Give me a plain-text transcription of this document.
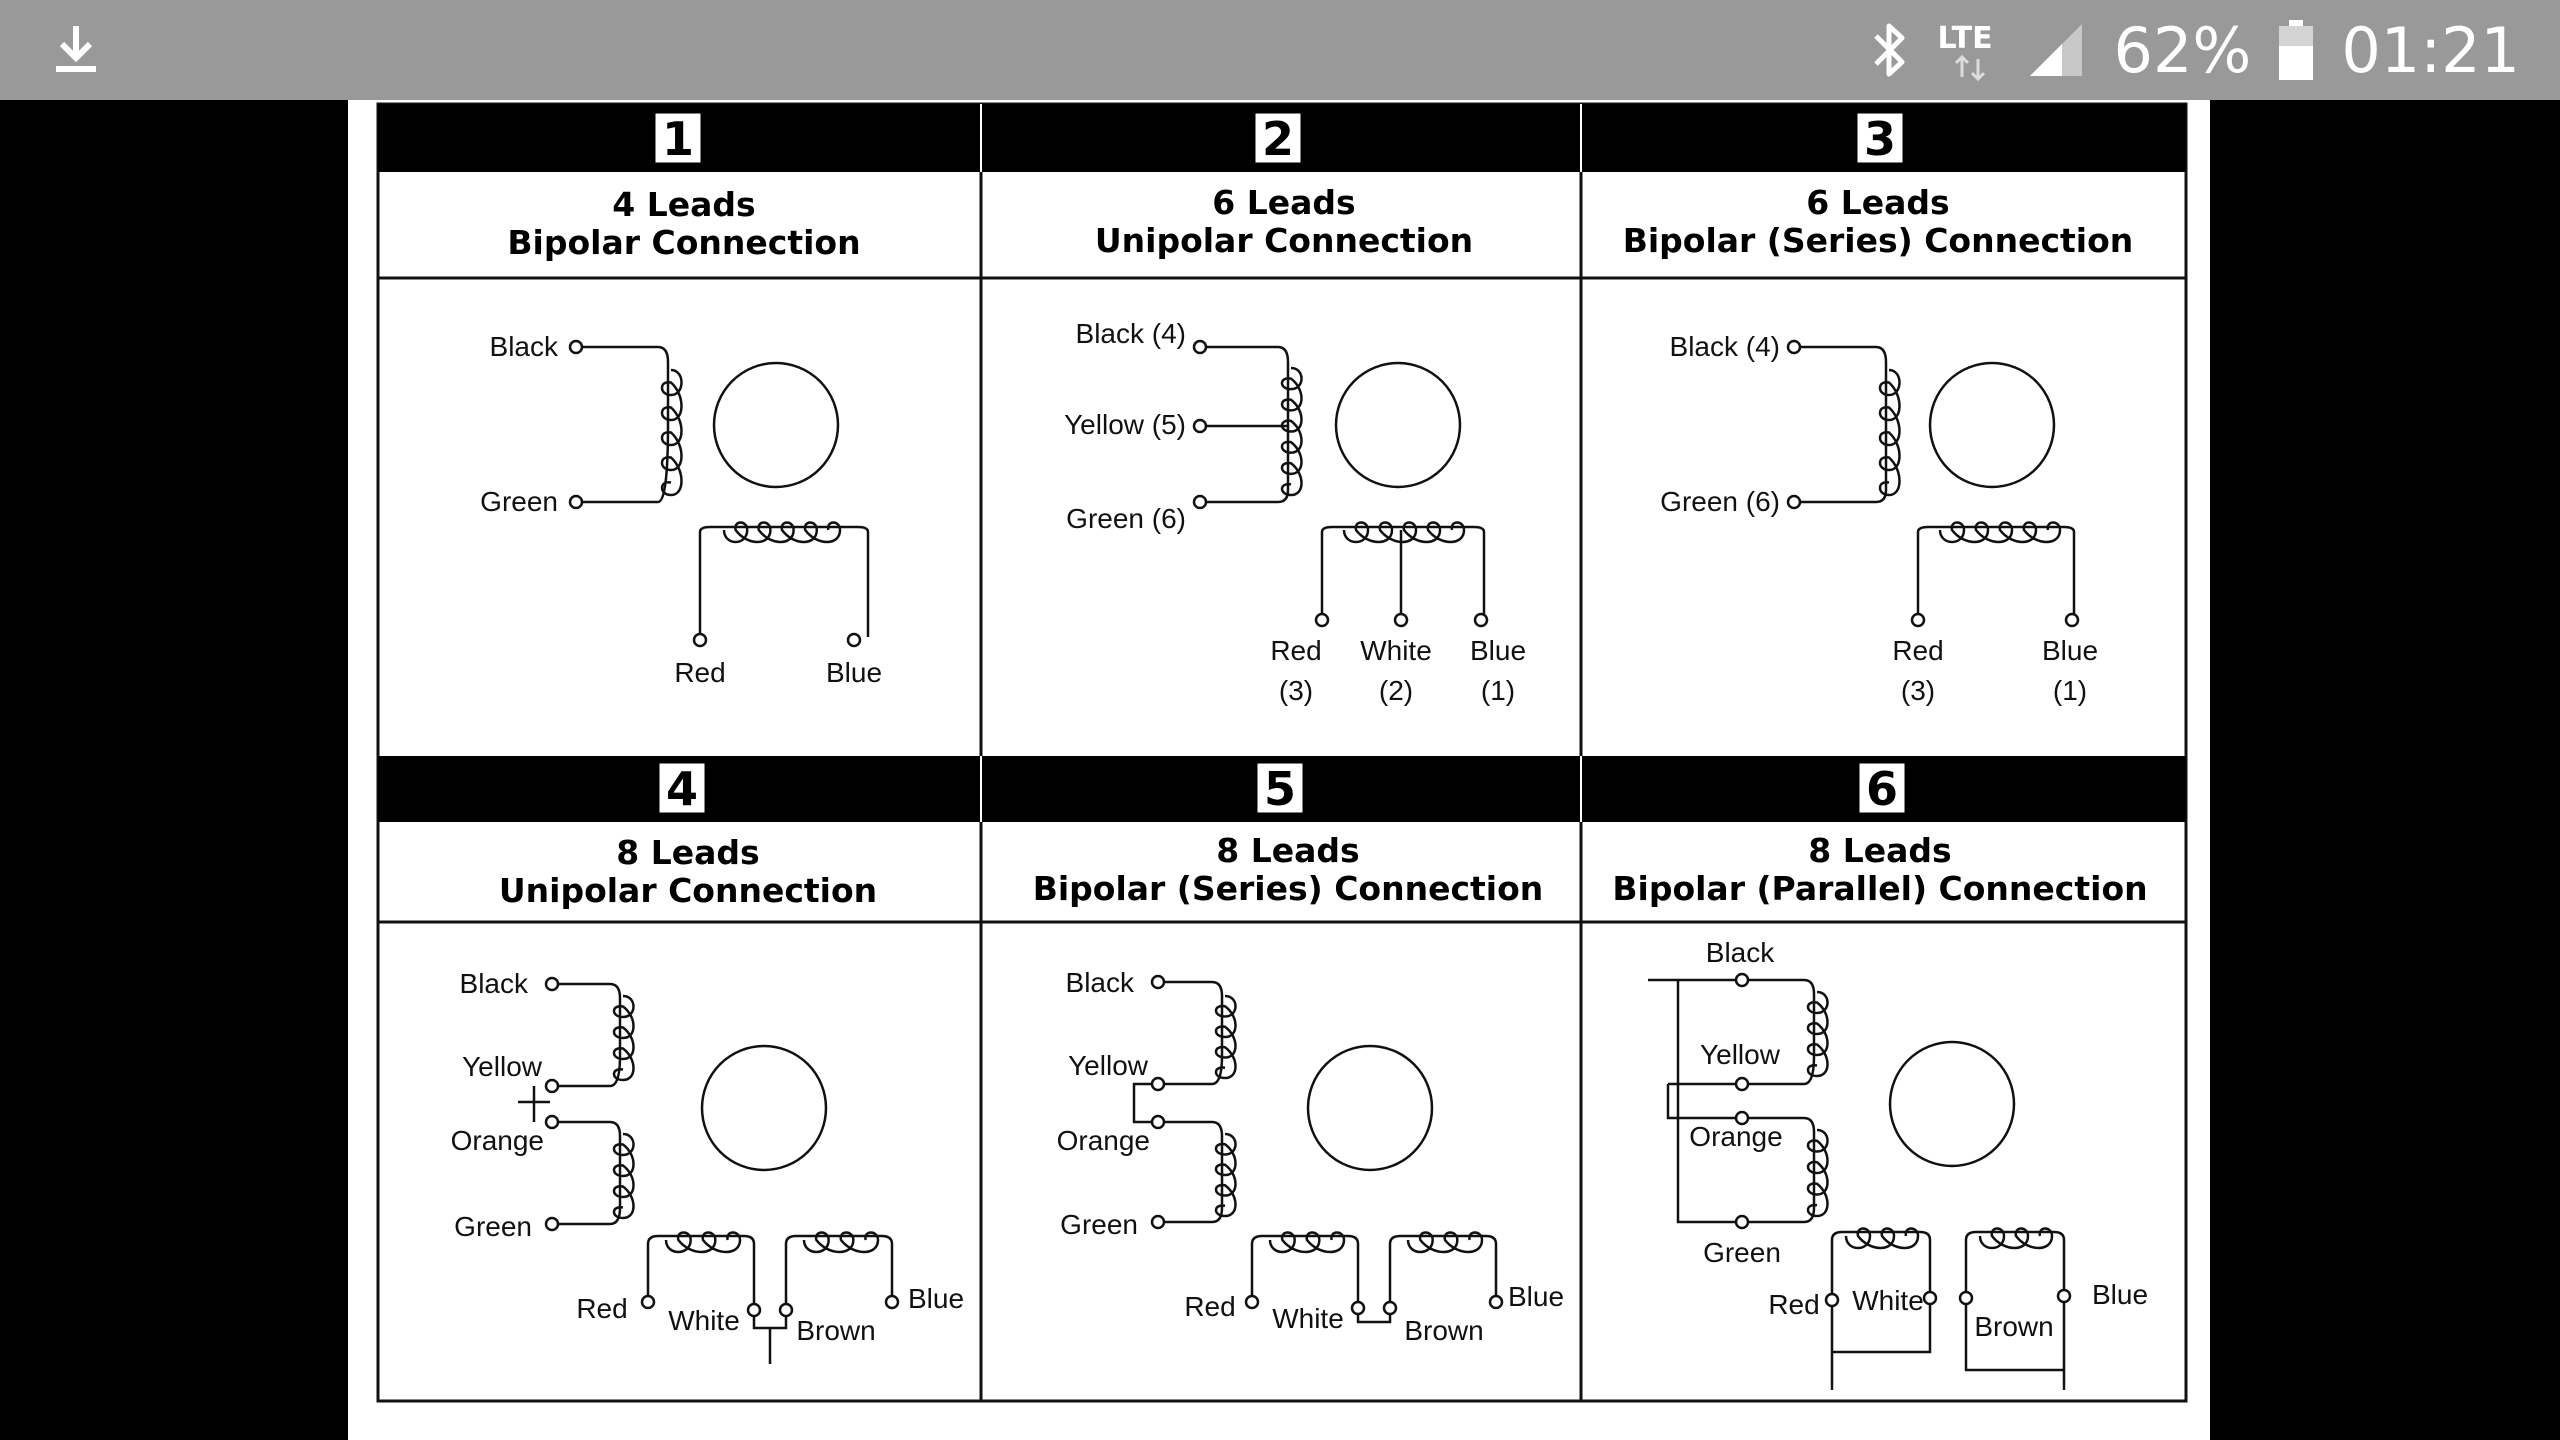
LTE 62% 01:21
1	2	3
4	5	6
4 Leads
Bipolar Connection
6 Leads
Unipolar Connection
6 Leads
Bipolar (Series) Connection
8 Leads
Unipolar Connection
8 Leads
Bipolar (Series) Connection
8 Leads
Bipolar (Parallel) Connection
Black
Green
Red	Blue
Black (4)
Yellow (5)
Green (6)
Red
(3)
White
(2)
Blue
(1)
Black (4)
Green (6)
Red
(3)
Blue
(1)
Black
Yellow
Orange
Green
Red White Brown
Blue
Black
Yellow
Orange
Green
Red White Brown
Blue
Black
Yellow
Orange
Green
Red White
Brown
Blue
